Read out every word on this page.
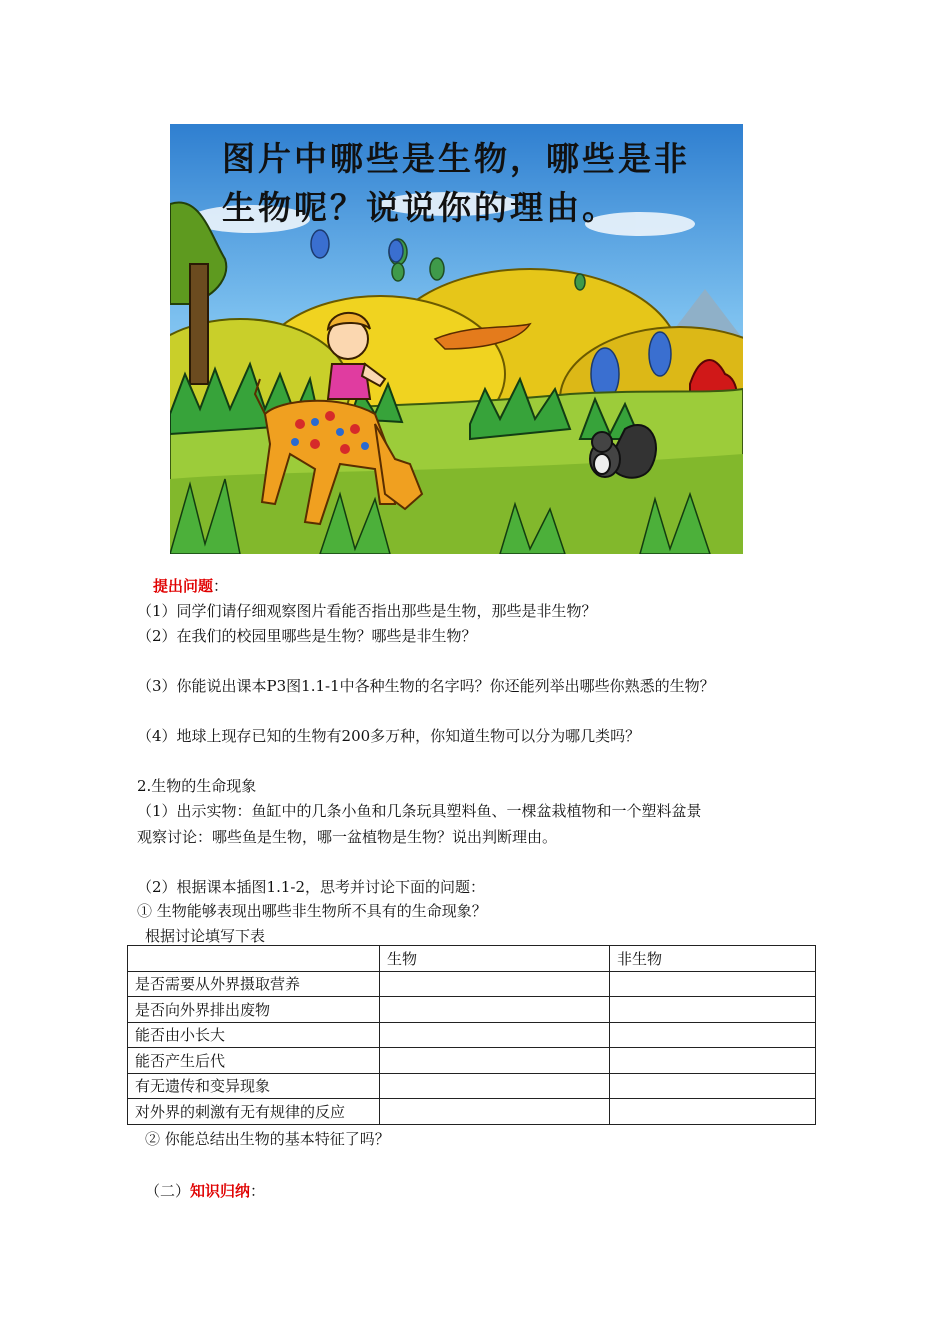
图片中哪些是生物，哪些是非
生物呢？说说你的理由。
提出问题：
（1）同学们请仔细观察图片看能否指出那些是生物，那些是非生物？
（2）在我们的校园里哪些是生物？哪些是非生物？
（3）你能说出课本P3图1.1-1中各种生物的名字吗？你还能列举出哪些你熟悉的生物？
（4）地球上现存已知的生物有200多万种，你知道生物可以分为哪几类吗？
2.生物的生命现象
（1）出示实物：鱼缸中的几条小鱼和几条玩具塑料鱼、一棵盆栽植物和一个塑料盆景
观察讨论：哪些鱼是生物，哪一盆植物是生物？说出判断理由。
（2）根据课本插图1.1-2，思考并讨论下面的问题：
① 生物能够表现出哪些非生物所不具有的生命现象？
根据讨论填写下表
	生物	非生物
是否需要从外界摄取营养		
是否向外界排出废物		
能否由小长大		
能否产生后代		
有无遗传和变异现象		
对外界的刺激有无有规律的反应		
② 你能总结出生物的基本特征了吗？
（二）知识归纳：
